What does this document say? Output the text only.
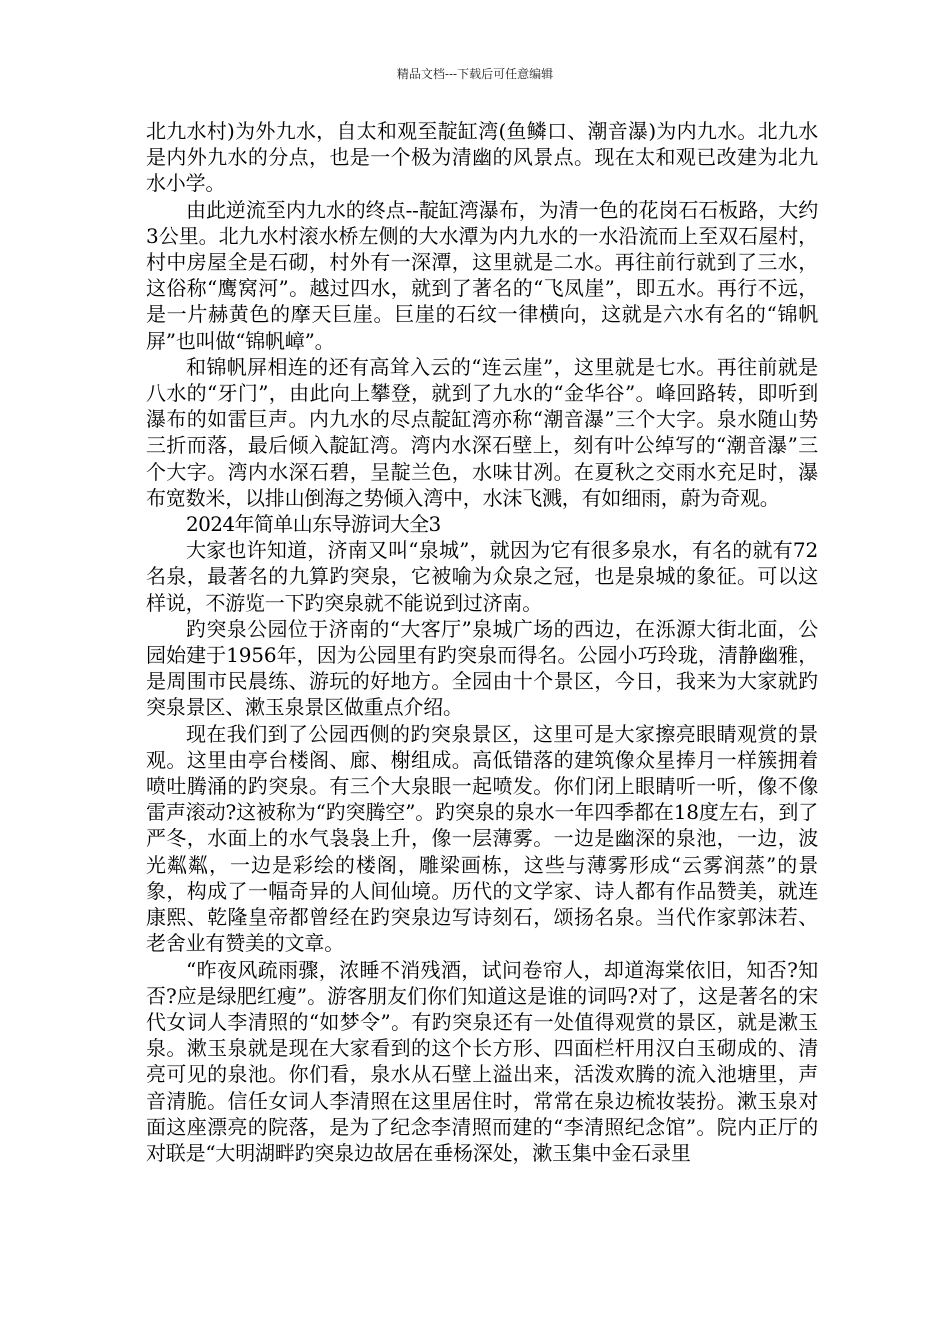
精品文档---下载后可任意编辑

北九水村)为外九水，自太和观至靛缸湾(鱼鳞口、潮音瀑)为内九水。北九水是内外九水的分点，也是一个极为清幽的风景点。现在太和观已改建为北九水小学。

由此逆流至内九水的终点--靛缸湾瀑布，为清一色的花岗石石板路，大约3公里。北九水村滚水桥左侧的大水潭为内九水的一水沿流而上至双石屋村，村中房屋全是石砌，村外有一深潭，这里就是二水。再往前行就到了三水，这俗称“鹰窝河”。越过四水，就到了著名的“飞凤崖”，即五水。再行不远，是一片赫黄色的摩天巨崖。巨崖的石纹一律横向，这就是六水有名的“锦帆屏”也叫做“锦帆嶂”。

和锦帆屏相连的还有高耸入云的“连云崖”，这里就是七水。再往前就是八水的“牙门”，由此向上攀登，就到了九水的“金华谷”。峰回路转，即听到瀑布的如雷巨声。内九水的尽点靛缸湾亦称“潮音瀑”三个大字。泉水随山势三折而落，最后倾入靛缸湾。湾内水深石壁上，刻有叶公绰写的“潮音瀑”三个大字。湾内水深石碧，呈靛兰色，水味甘冽。在夏秋之交雨水充足时，瀑布宽数米，以排山倒海之势倾入湾中，水沫飞溅，有如细雨，蔚为奇观。

2024年简单山东导游词大全3

大家也许知道，济南又叫“泉城”，就因为它有很多泉水，有名的就有72名泉，最著名的九算趵突泉，它被喻为众泉之冠，也是泉城的象征。可以这样说，不游览一下趵突泉就不能说到过济南。

趵突泉公园位于济南的“大客厅”泉城广场的西边，在泺源大街北面，公园始建于1956年，因为公园里有趵突泉而得名。公园小巧玲珑，清静幽雅，是周围市民晨练、游玩的好地方。全园由十个景区，今日，我来为大家就趵突泉景区、漱玉泉景区做重点介绍。

现在我们到了公园西侧的趵突泉景区，这里可是大家擦亮眼睛观赏的景观。这里由亭台楼阁、廊、榭组成。高低错落的建筑像众星捧月一样簇拥着喷吐腾涌的趵突泉。有三个大泉眼一起喷发。你们闭上眼睛听一听，像不像雷声滚动?这被称为“趵突腾空”。趵突泉的泉水一年四季都在18度左右，到了严冬，水面上的水气袅袅上升，像一层薄雾。一边是幽深的泉池，一边，波光粼粼，一边是彩绘的楼阁，雕梁画栋，这些与薄雾形成“云雾润蒸”的景象，构成了一幅奇异的人间仙境。历代的文学家、诗人都有作品赞美，就连康熙、乾隆皇帝都曾经在趵突泉边写诗刻石，颂扬名泉。当代作家郭沫若、老舍业有赞美的文章。

“昨夜风疏雨骤，浓睡不消残酒，试问卷帘人，却道海棠依旧，知否?知否?应是绿肥红瘦”。游客朋友们你们知道这是谁的词吗?对了，这是著名的宋代女词人李清照的“如梦令”。有趵突泉还有一处值得观赏的景区，就是漱玉泉。漱玉泉就是现在大家看到的这个长方形、四面栏杆用汉白玉砌成的、清亮可见的泉池。你们看，泉水从石壁上溢出来，活泼欢腾的流入池塘里，声音清脆。信任女词人李清照在这里居住时，常常在泉边梳妆装扮。漱玉泉对面这座漂亮的院落，是为了纪念李清照而建的“李清照纪念馆”。院内正厅的对联是“大明湖畔趵突泉边故居在垂杨深处，漱玉集中金石录里
